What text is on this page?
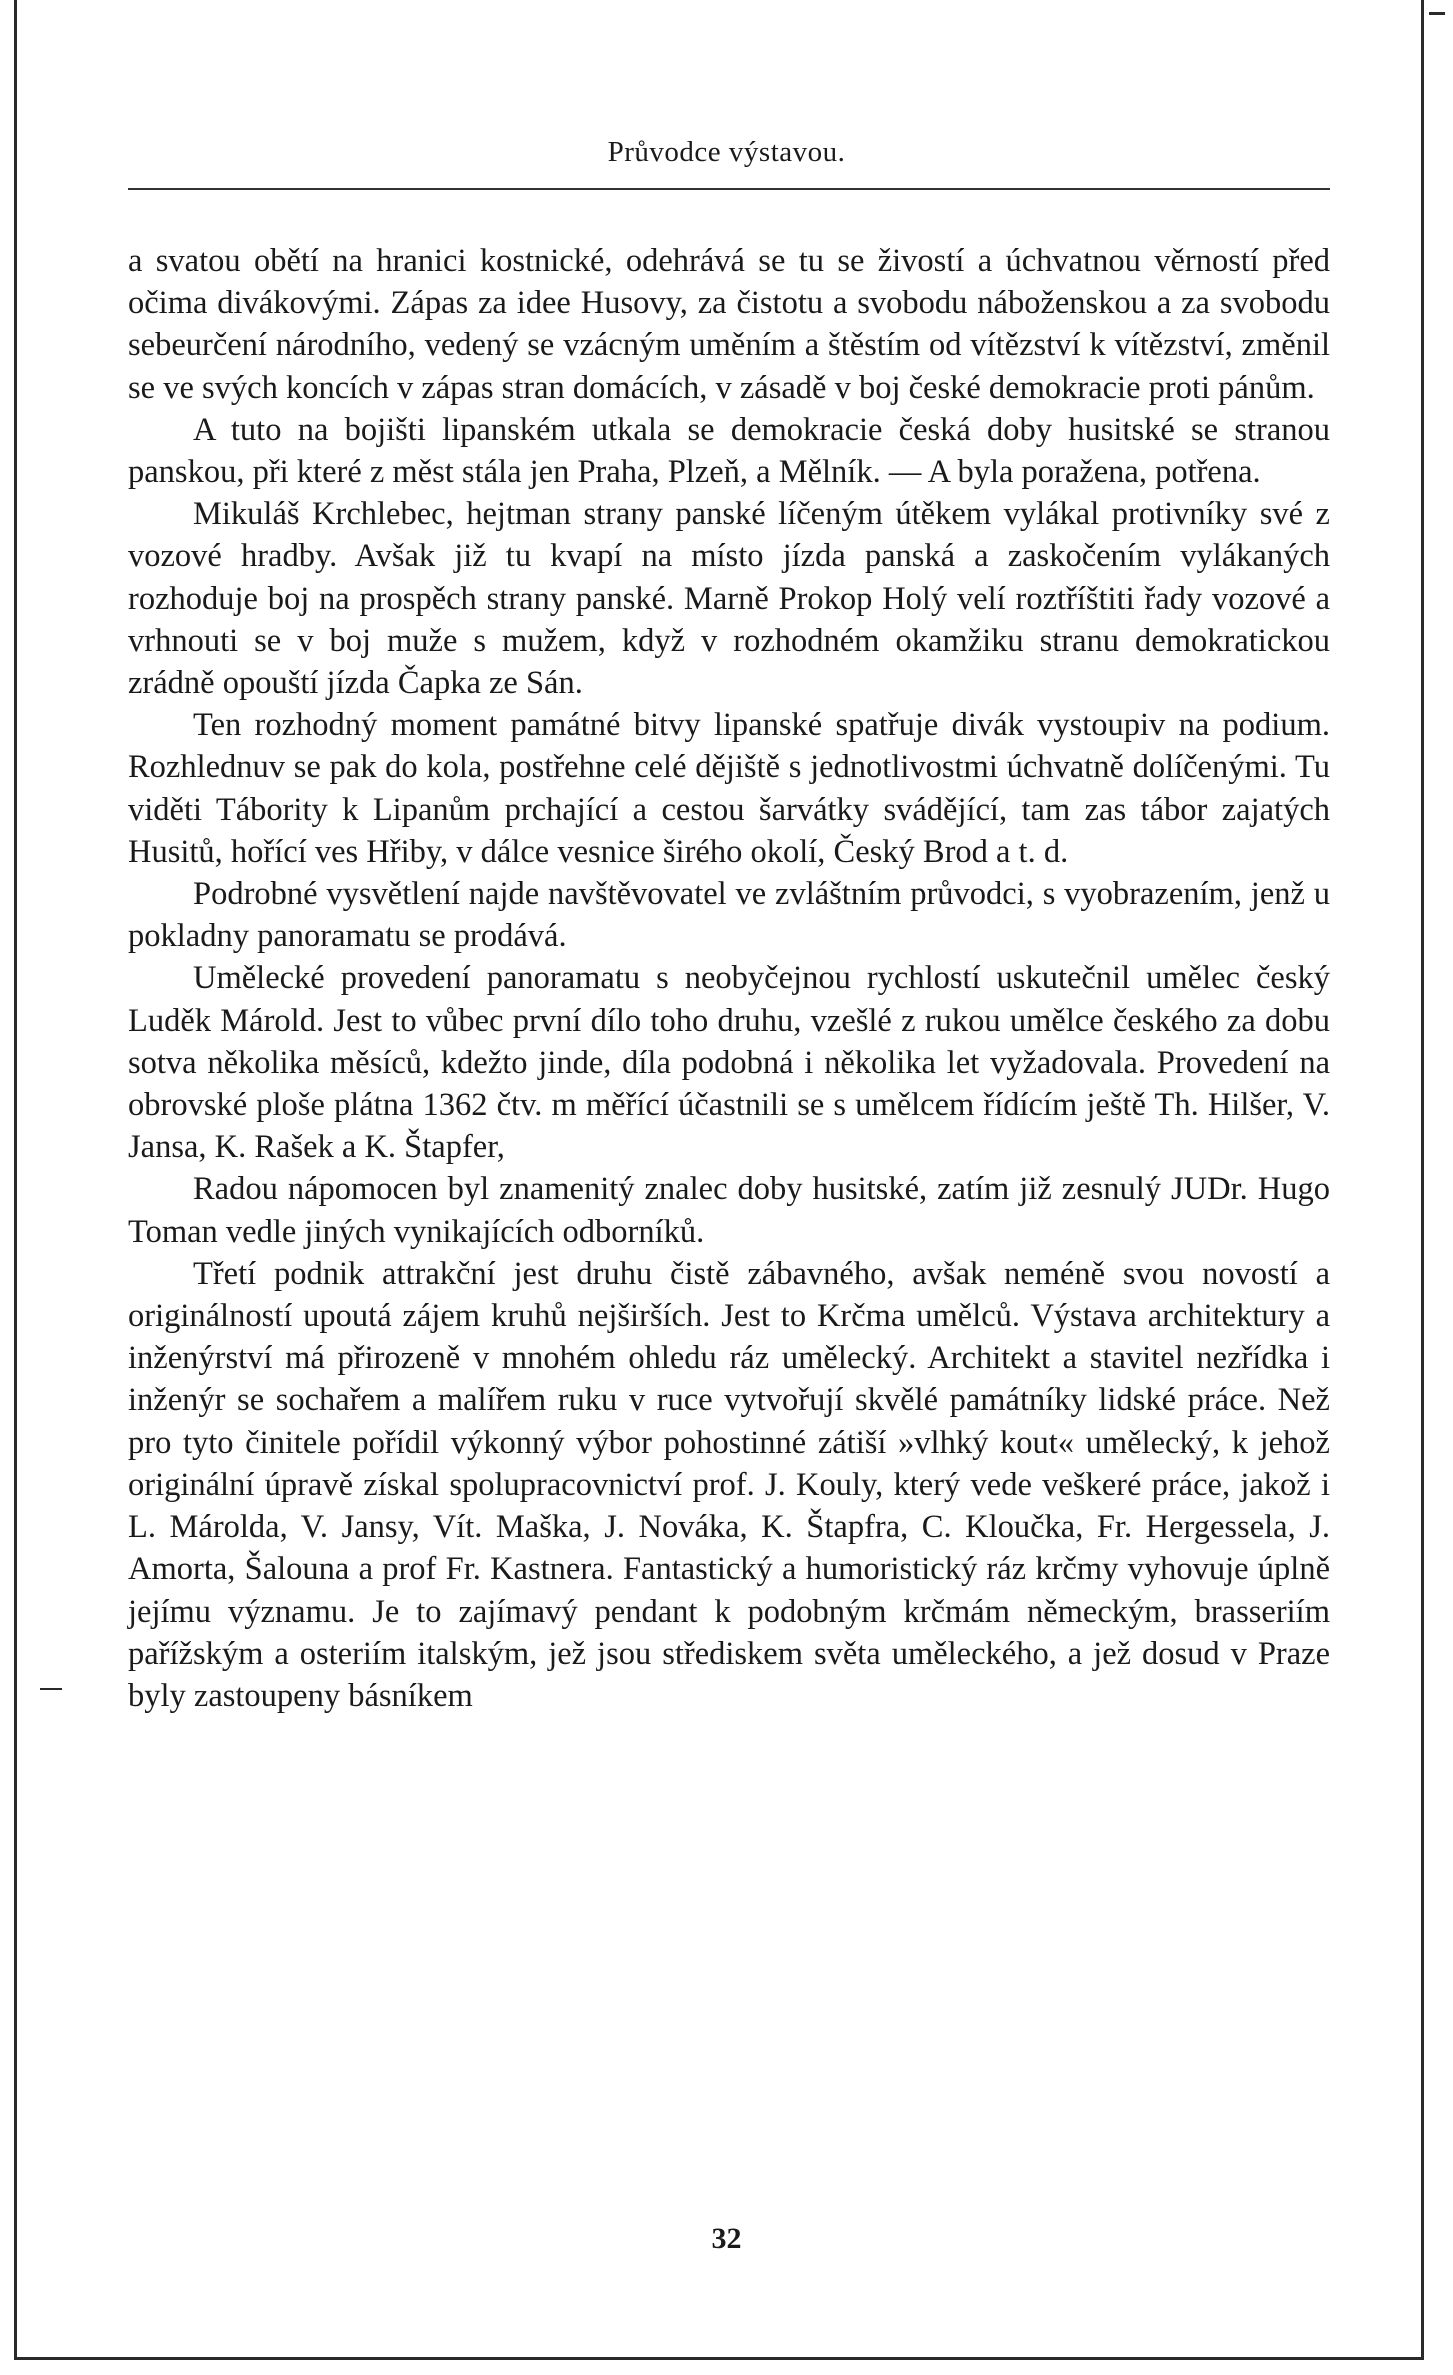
Průvodce výstavou.

a svatou obětí na hranici kostnické, odehrává se tu se živostí a úchvatnou věrností před očima divákovými. Zápas za idee Husovy, za čistotu a svobodu náboženskou a za svobodu sebeurčení národního, vedený se vzácným uměním a štěstím od vítězství k vítězství, změnil se ve svých koncích v zápas stran domácích, v zásadě v boj české demokracie proti pánům.

A tuto na bojišti lipanském utkala se demokracie česká doby husitské se stranou panskou, při které z měst stála jen Praha, Plzeň, a Mělník. — A byla poražena, potřena.

Mikuláš Krchlebec, hejtman strany panské líčeným útěkem vylákal protivníky své z vozové hradby. Avšak již tu kvapí na místo jízda panská a zaskočením vylákaných rozhoduje boj na prospěch strany panské. Marně Prokop Holý velí roztříštiti řady vozové a vrhnouti se v boj muže s mužem, když v rozhodném okamžiku stranu demokratickou zrádně opouští jízda Čapka ze Sán.

Ten rozhodný moment památné bitvy lipanské spatřuje divák vystoupiv na podium. Rozhlednuv se pak do kola, postřehne celé dějiště s jednotlivostmi úchvatně dolíčenými. Tu viděti Tábority k Lipanům prchající a cestou šarvátky svádějící, tam zas tábor zajatých Husitů, hořící ves Hřiby, v dálce vesnice širého okolí, Český Brod a t. d.

Podrobné vysvětlení najde navštěvovatel ve zvláštním průvodci, s vyobrazením, jenž u pokladny panoramatu se prodává.

Umělecké provedení panoramatu s neobyčejnou rychlostí uskutečnil umělec český Luděk Márold. Jest to vůbec první dílo toho druhu, vzešlé z rukou umělce českého za dobu sotva několika měsíců, kdežto jinde, díla podobná i několika let vyžadovala. Provedení na obrovské ploše plátna 1362 čtv. m měřící účastnili se s umělcem řídícím ještě Th. Hilšer, V. Jansa, K. Rašek a K. Štapfer,

Radou nápomocen byl znamenitý znalec doby husitské, zatím již zesnulý JUDr. Hugo Toman vedle jiných vynikajících odborníků.

Třetí podnik attrakční jest druhu čistě zábavného, avšak neméně svou novostí a originálností upoutá zájem kruhů nejširších. Jest to Krčma umělců. Výstava architektury a inženýrství má přirozeně v mnohém ohledu ráz umělecký. Architekt a stavitel nezřídka i inženýr se sochařem a malířem ruku v ruce vytvořují skvělé památníky lidské práce. Než pro tyto činitele pořídil výkonný výbor pohostinné zátiší »vlhký kout« umělecký, k jehož originální úpravě získal spolupracovnictví prof. J. Kouly, který vede veškeré práce, jakož i L. Márolda, V. Jansy, Vít. Maška, J. Nováka, K. Štapfra, C. Kloučka, Fr. Hergessela, J. Amorta, Šalouna a prof Fr. Kastnera. Fantastický a humoristický ráz krčmy vyhovuje úplně jejímu významu. Je to zajímavý pendant k podobným krčmám německým, brasseriím pařížským a osteriím italským, jež jsou střediskem světa uměleckého, a jež dosud v Praze byly zastoupeny básníkem

32
